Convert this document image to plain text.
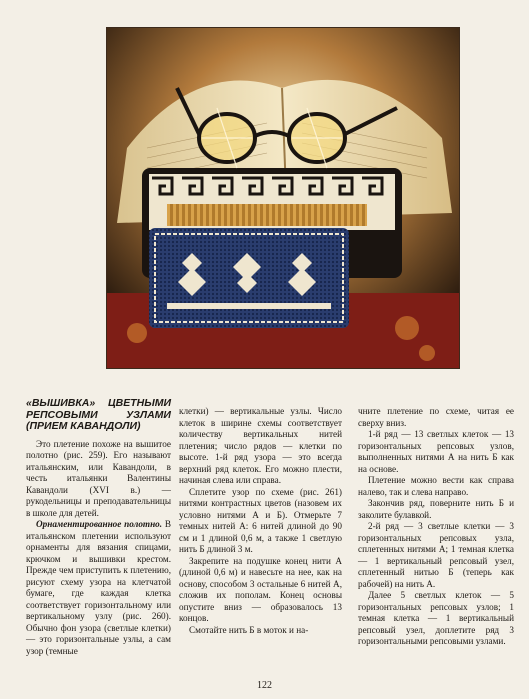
«ВЫШИВКА» ЦВЕТНЫМИ РЕПСОВЫМИ УЗЛАМИ (ПРИЕМ КАВАНДОЛИ)

Это плетение похоже на вышитое полотно (рис. 259). Его называют итальянским, или Кавандоли, в честь итальянки Валентины Кавандоли (XVI в.) — рукодельницы и преподавательницы в школе для детей.

Орнаментированное полотно. В итальянском плетении используют орнаменты для вязания спицами, крючком и вышивки крестом. Прежде чем приступить к плетению, рисуют схему узора на клетчатой бумаге, где каждая клетка соответствует горизонтальному или вертикальному узлу (рис. 260). Обычно фон узора (светлые клетки) — это горизонтальные узлы, а сам узор (темные

клетки) — вертикальные узлы. Число клеток в ширине схемы соответствует количеству вертикальных нитей плетения; число рядов — клетки по высоте. 1-й ряд узора — это всегда верхний ряд клеток. Его можно плести, начиная слева или справа.

Сплетите узор по схеме (рис. 261) нитями контрастных цветов (назовем их условно нитями А и Б). Отмерьте 7 темных нитей А: 6 нитей длиной до 90 см и 1 длиной 0,6 м, а также 1 светлую нить Б длиной 3 м.

Закрепите на подушке конец нити А (длиной 0,6 м) и навесьте на нее, как на основу, способом 3 остальные 6 нитей А, сложив их пополам. Конец основы опустите вниз — образовалось 13 концов.

Смотайте нить Б в моток и на-

чните плетение по схеме, читая ее сверху вниз.

1-й ряд — 13 светлых клеток — 13 горизонтальных репсовых узлов, выполненных нитями А на нить Б как на основе.

Плетение можно вести как справа налево, так и слева направо.

Закончив ряд, поверните нить Б и заколите булавкой.

2-й ряд — 3 светлые клетки — 3 горизонтальных репсовых узла, сплетенных нитями А; 1 темная клетка — 1 вертикальный репсовый узел, сплетенный нитью Б (теперь как рабочей) на нить А.

Далее 5 светлых клеток — 5 горизонтальных репсовых узлов; 1 темная клетка — 1 вертикальный репсовый узел, доплетите ряд 3 горизонтальными репсовыми узлами.

122
